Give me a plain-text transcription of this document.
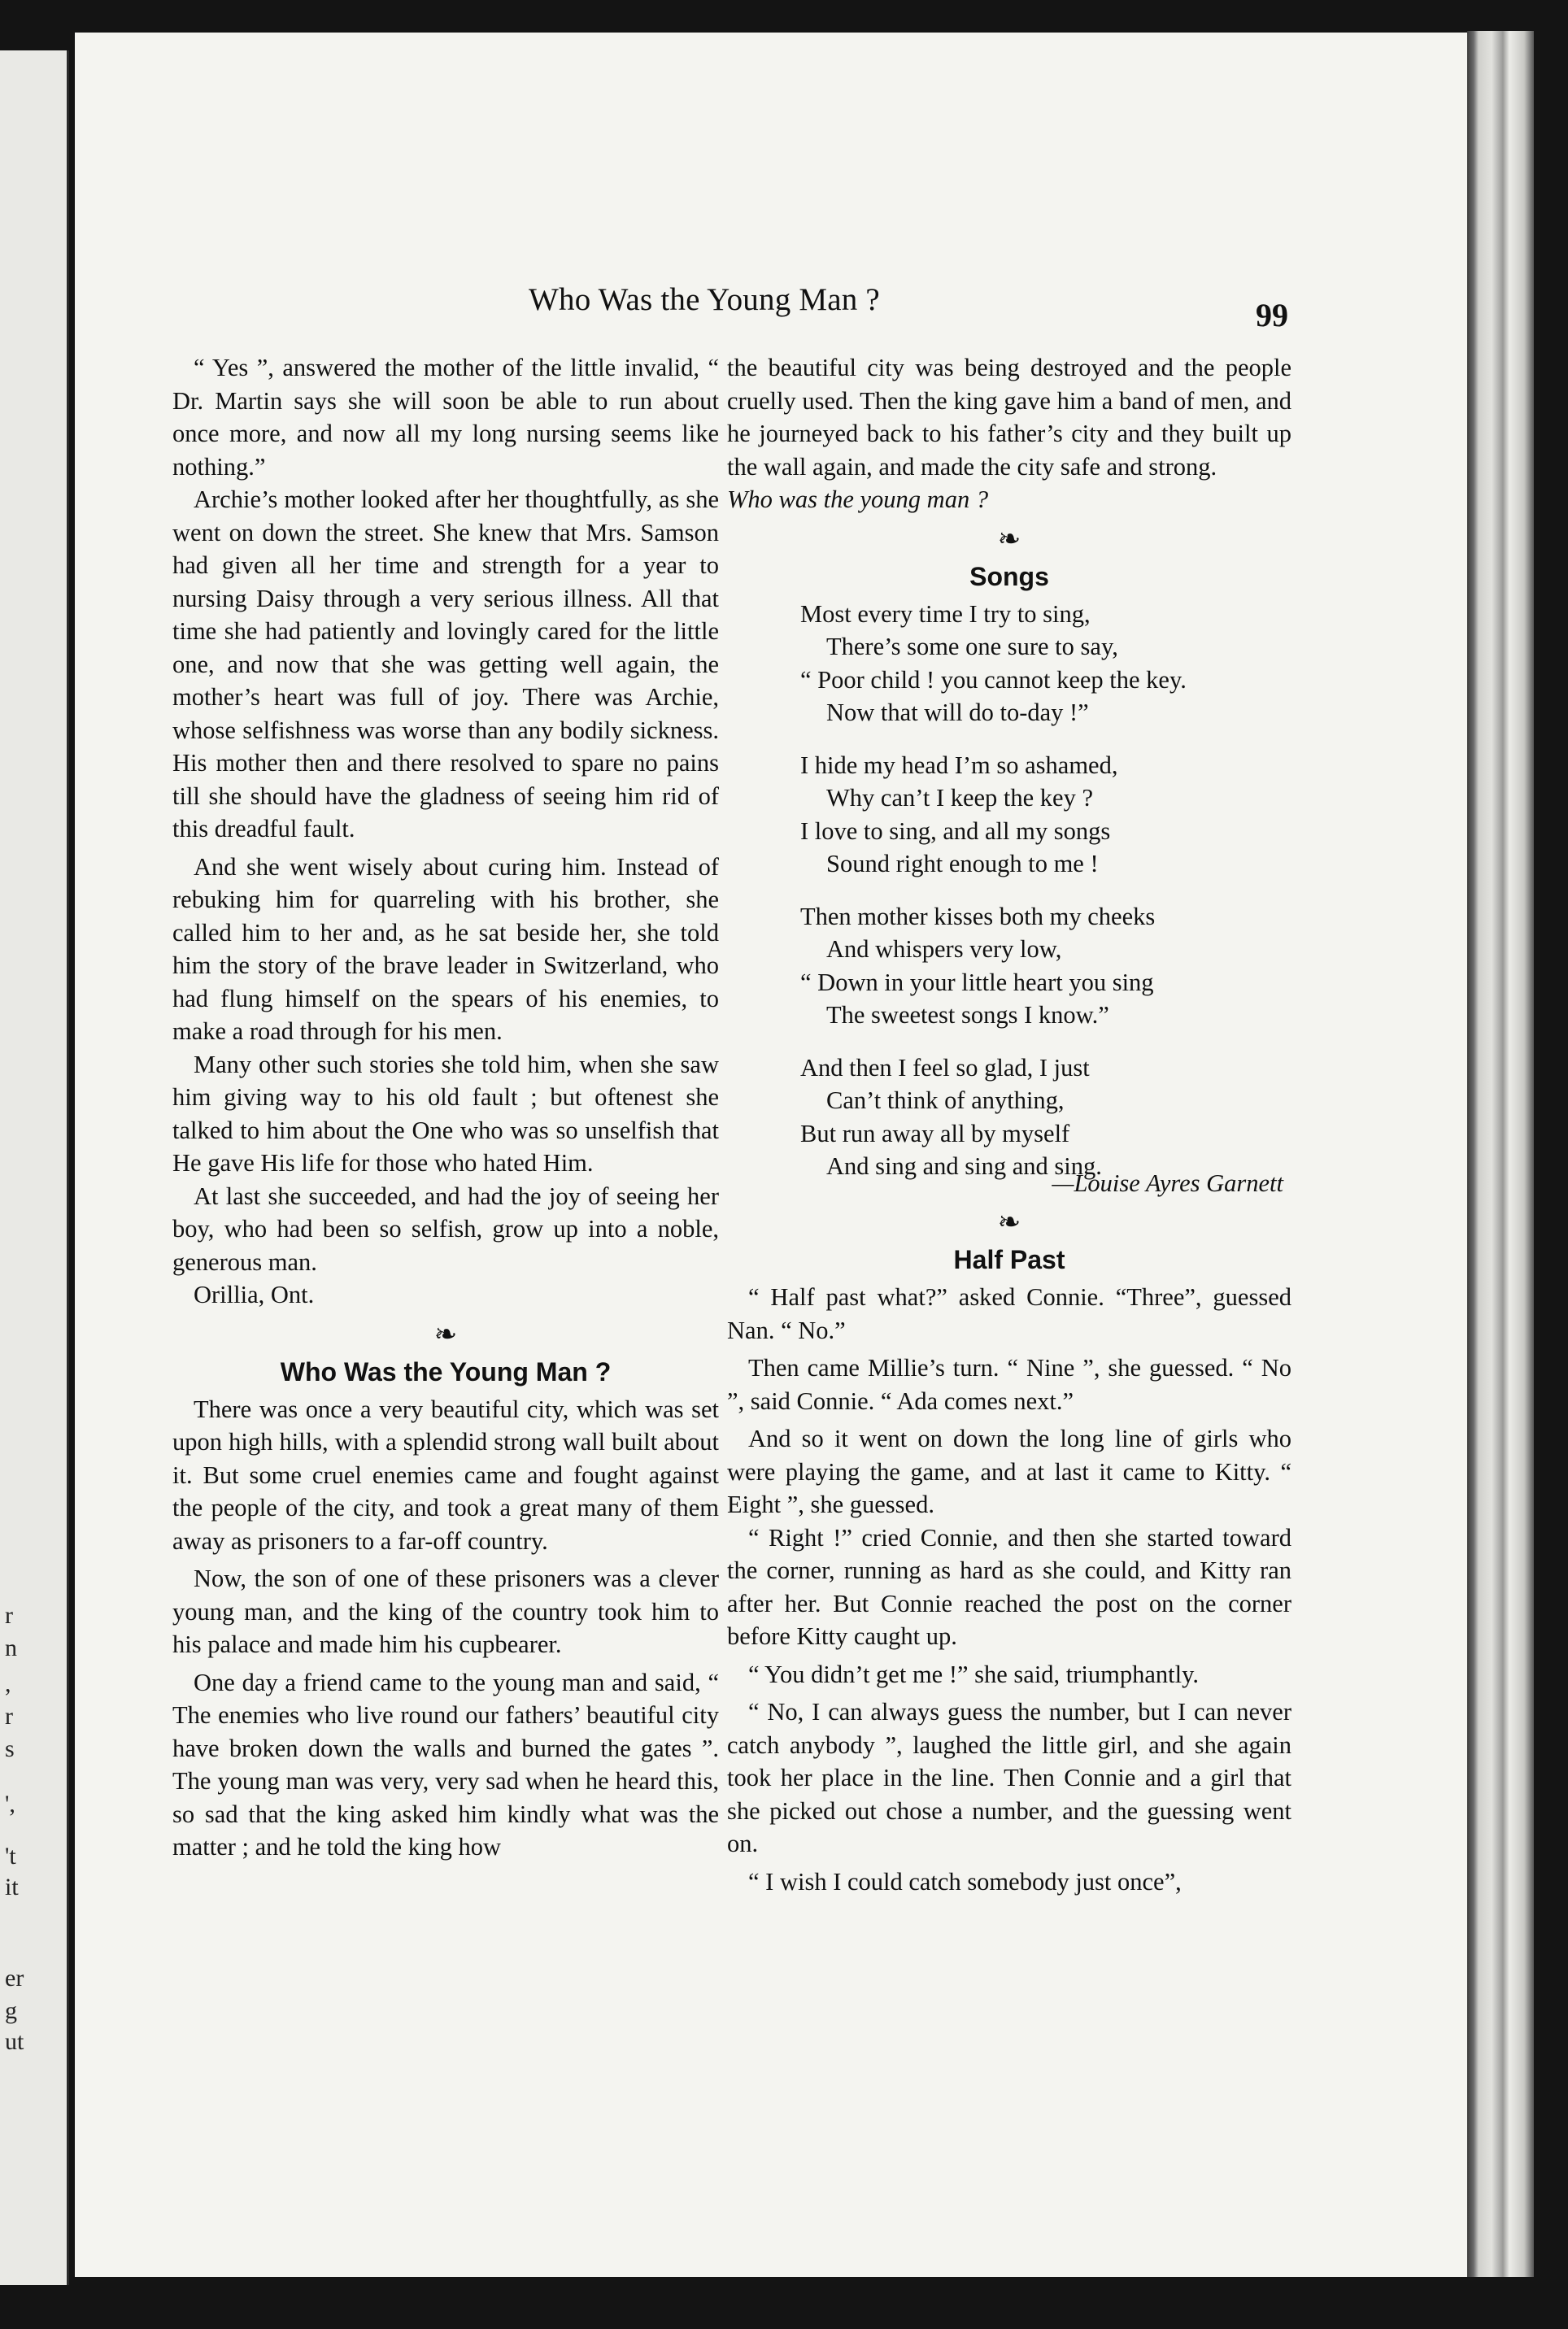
r
n
,
r
s
',
't
it
er
g
ut
Who Was the Young Man ?	99

“ Yes ”, answered the mother of the little invalid, “ Dr. Martin says she will soon be able to run about once more, and now all my long nursing seems like nothing.”

Archie’s mother looked after her thoughtfully, as she went on down the street. She knew that Mrs. Samson had given all her time and strength for a year to nursing Daisy through a very serious illness. All that time she had patiently and lovingly cared for the little one, and now that she was getting well again, the mother’s heart was full of joy. There was Archie, whose selfishness was worse than any bodily sickness. His mother then and there resolved to spare no pains till she should have the gladness of seeing him rid of this dreadful fault.

And she went wisely about curing him. Instead of rebuking him for quarreling with his brother, she called him to her and, as he sat beside her, she told him the story of the brave leader in Switzerland, who had flung himself on the spears of his enemies, to make a road through for his men.

Many other such stories she told him, when she saw him giving way to his old fault ; but oftenest she talked to him about the One who was so unselfish that He gave His life for those who hated Him.

At last she succeeded, and had the joy of seeing her boy, who had been so selfish, grow up into a noble, generous man.

Orillia, Ont.

❧
Who Was the Young Man ?

There was once a very beautiful city, which was set upon high hills, with a splendid strong wall built about it. But some cruel enemies came and fought against the people of the city, and took a great many of them away as prisoners to a far-off country.

Now, the son of one of these prisoners was a clever young man, and the king of the country took him to his palace and made him his cupbearer.

One day a friend came to the young man and said, “ The enemies who live round our fathers’ beautiful city have broken down the walls and burned the gates ”. The young man was very, very sad when he heard this, so sad that the king asked him kindly what was the matter ; and he told the king how

the beautiful city was being destroyed and the people cruelly used. Then the king gave him a band of men, and he journeyed back to his father’s city and they built up the wall again, and made the city safe and strong.

Who was the young man ?

❧
Songs
Most every time I try to sing,
There’s some one sure to say,
“ Poor child ! you cannot keep the key.
Now that will do to-day !”
I hide my head I’m so ashamed,
Why can’t I keep the key ?
I love to sing, and all my songs
Sound right enough to me !
Then mother kisses both my cheeks
And whispers very low,
“ Down in your little heart you sing
The sweetest songs I know.”
And then I feel so glad, I just
Can’t think of anything,
But run away all by myself
And sing and sing and sing.
—Louise Ayres Garnett
❧
Half Past

“ Half past what?” asked Connie. “Three”, guessed Nan. “ No.”

Then came Millie’s turn. “ Nine ”, she guessed. “ No ”, said Connie. “ Ada comes next.”

And so it went on down the long line of girls who were playing the game, and at last it came to Kitty. “ Eight ”, she guessed.

“ Right !” cried Connie, and then she started toward the corner, running as hard as she could, and Kitty ran after her. But Connie reached the post on the corner before Kitty caught up.

“ You didn’t get me !” she said, triumphantly.

“ No, I can always guess the number, but I can never catch anybody ”, laughed the little girl, and she again took her place in the line. Then Connie and a girl that she picked out chose a number, and the guessing went on.

“ I wish I could catch somebody just once”,
